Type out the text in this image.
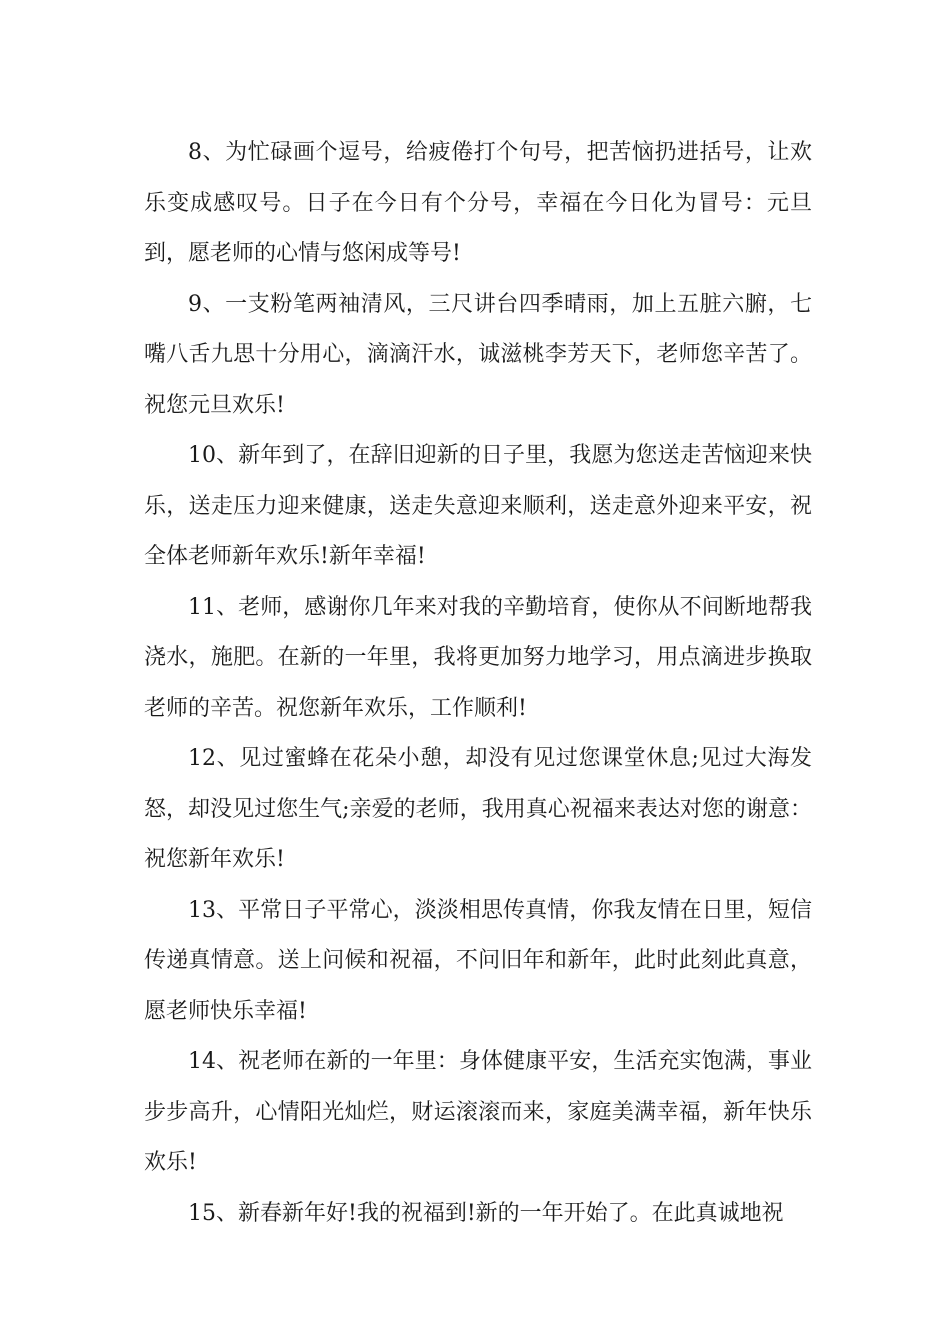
8、为忙碌画个逗号，给疲倦打个句号，把苦恼扔进括号，让欢乐变成感叹号。日子在今日有个分号，幸福在今日化为冒号：元旦到，愿老师的心情与悠闲成等号!

9、一支粉笔两袖清风，三尺讲台四季晴雨，加上五脏六腑，七嘴八舌九思十分用心，滴滴汗水，诚滋桃李芳天下，老师您辛苦了。祝您元旦欢乐!

10、新年到了，在辞旧迎新的日子里，我愿为您送走苦恼迎来快乐，送走压力迎来健康，送走失意迎来顺利，送走意外迎来平安，祝全体老师新年欢乐!新年幸福!

11、老师，感谢你几年来对我的辛勤培育，使你从不间断地帮我浇水，施肥。在新的一年里，我将更加努力地学习，用点滴进步换取老师的辛苦。祝您新年欢乐，工作顺利!

12、见过蜜蜂在花朵小憩，却没有见过您课堂休息;见过大海发怒，却没见过您生气;亲爱的老师，我用真心祝福来表达对您的谢意：祝您新年欢乐!

13、平常日子平常心，淡淡相思传真情，你我友情在日里，短信传递真情意。送上问候和祝福，不问旧年和新年，此时此刻此真意，愿老师快乐幸福!

14、祝老师在新的一年里：身体健康平安，生活充实饱满，事业步步高升，心情阳光灿烂，财运滚滚而来，家庭美满幸福，新年快乐欢乐!

15、新春新年好!我的祝福到!新的一年开始了。在此真诚地祝
